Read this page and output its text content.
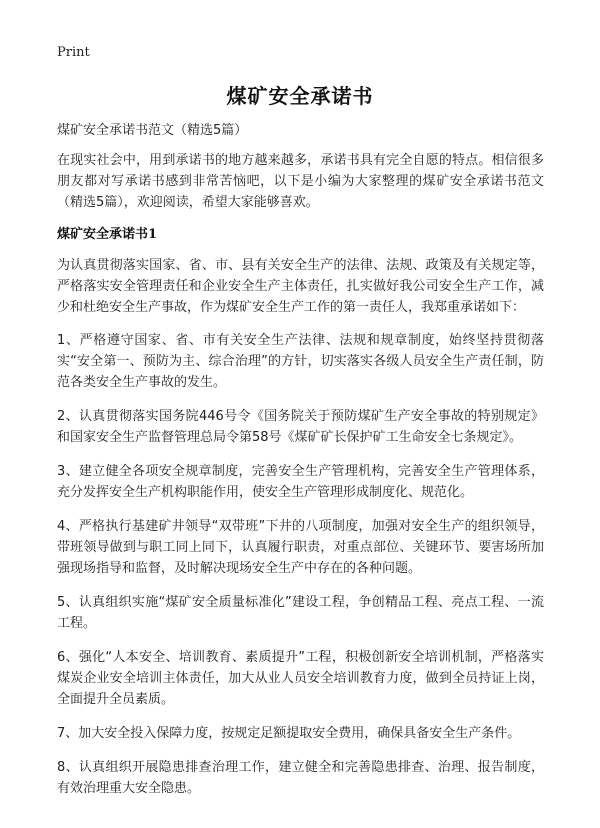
Print
煤矿安全承诺书

煤矿安全承诺书范文（精选5篇）

在现实社会中，用到承诺书的地方越来越多，承诺书具有完全自愿的特点。相信很多朋友都对写承诺书感到非常苦恼吧，以下是小编为大家整理的煤矿安全承诺书范文（精选5篇），欢迎阅读，希望大家能够喜欢。

煤矿安全承诺书1

为认真贯彻落实国家、省、市、县有关安全生产的法律、法规、政策及有关规定等，严格落实安全管理责任和企业安全生产主体责任，扎实做好我公司安全生产工作，减少和杜绝安全生产事故，作为煤矿安全生产工作的第一责任人，我郑重承诺如下：

1、严格遵守国家、省、市有关安全生产法律、法规和规章制度，始终坚持贯彻落实“安全第一、预防为主、综合治理”的方针，切实落实各级人员安全生产责任制，防范各类安全生产事故的发生。

2、认真贯彻落实国务院446号令《国务院关于预防煤矿生产安全事故的特别规定》和国家安全生产监督管理总局令第58号《煤矿矿长保护矿工生命安全七条规定》。

3、建立健全各项安全规章制度，完善安全生产管理机构，完善安全生产管理体系，充分发挥安全生产机构职能作用，使安全生产管理形成制度化、规范化。

4、严格执行基建矿井领导“双带班”下井的八项制度，加强对安全生产的组织领导，带班领导做到与职工同上同下，认真履行职责，对重点部位、关键环节、要害场所加强现场指导和监督，及时解决现场安全生产中存在的各种问题。

5、认真组织实施“煤矿安全质量标准化”建设工程，争创精品工程、亮点工程、一流工程。

6、强化“人本安全、培训教育、素质提升”工程，积极创新安全培训机制，严格落实煤炭企业安全培训主体责任，加大从业人员安全培训教育力度，做到全员持证上岗，全面提升全员素质。

7、加大安全投入保障力度，按规定足额提取安全费用，确保具备安全生产条件。

8、认真组织开展隐患排查治理工作，建立健全和完善隐患排查、治理、报告制度，有效治理重大安全隐患。
